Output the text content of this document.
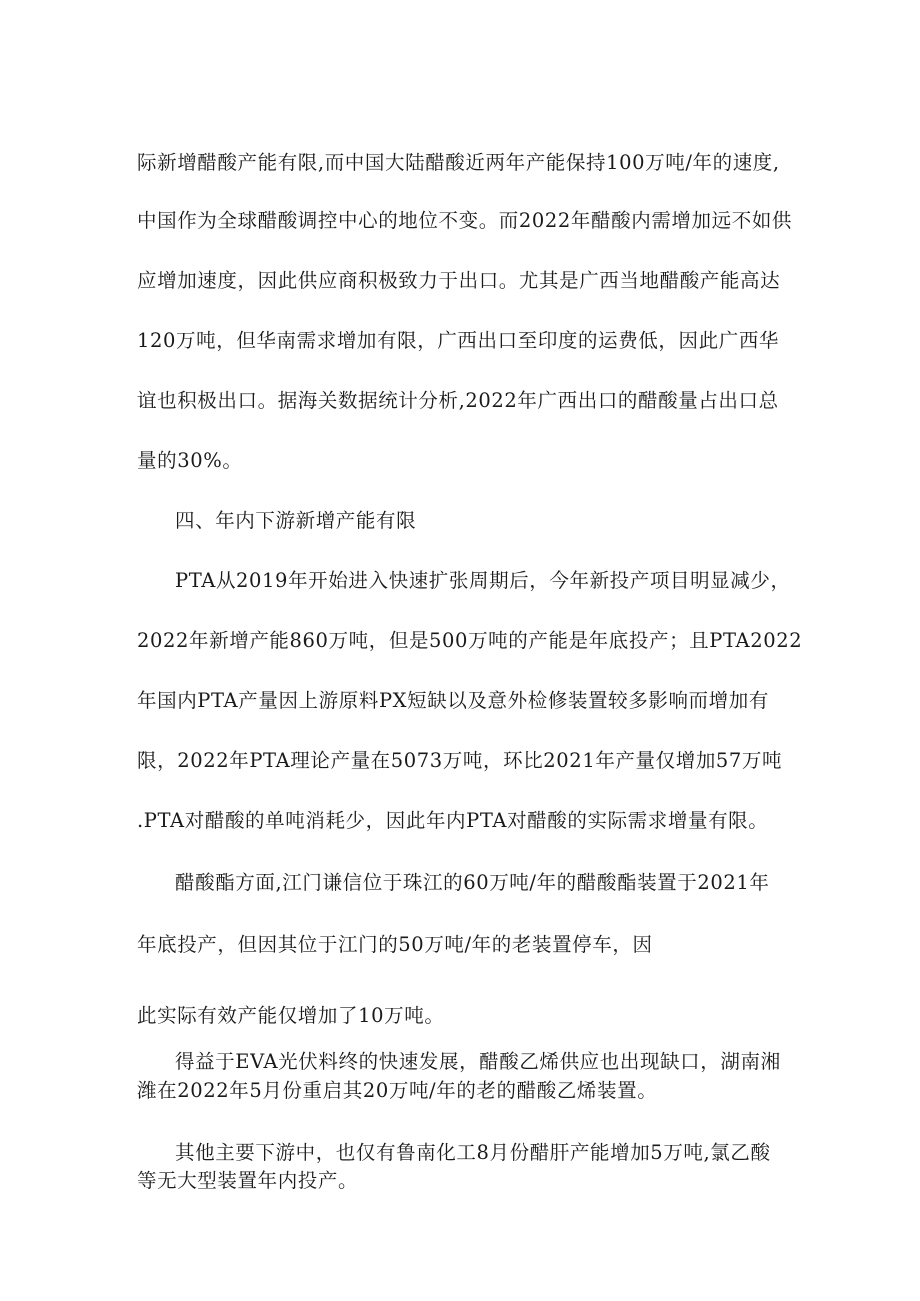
际新增醋酸产能有限,而中国大陆醋酸近两年产能保持100万吨/年的速度,
中国作为全球醋酸调控中心的地位不变。而2022年醋酸内需增加远不如供
应增加速度，因此供应商积极致力于出口。尤其是广西当地醋酸产能高达
120万吨，但华南需求增加有限，广西出口至印度的运费低，因此广西华
谊也积极出口。据海关数据统计分析,2022年广西出口的醋酸量占出口总
量的30%。
四、年内下游新增产能有限
PTA从2019年开始进入快速扩张周期后，今年新投产项目明显减少，
2022年新增产能860万吨，但是500万吨的产能是年底投产；且PTA2022
年国内PTA产量因上游原料PX短缺以及意外检修装置较多影响而增加有
限，2022年PTA理论产量在5073万吨，环比2021年产量仅增加57万吨
.PTA对醋酸的单吨消耗少，因此年内PTA对醋酸的实际需求增量有限。
醋酸酯方面,江门谦信位于珠江的60万吨/年的醋酸酯装置于2021年
年底投产，但因其位于江门的50万吨/年的老装置停车，因
此实际有效产能仅增加了10万吨。
得益于EVA光伏料终的快速发展，醋酸乙烯供应也出现缺口，湖南湘
潍在2022年5月份重启其20万吨/年的老的醋酸乙烯装置。
其他主要下游中，也仅有鲁南化工8月份醋肝产能增加5万吨,氯乙酸
等无大型装置年内投产。
